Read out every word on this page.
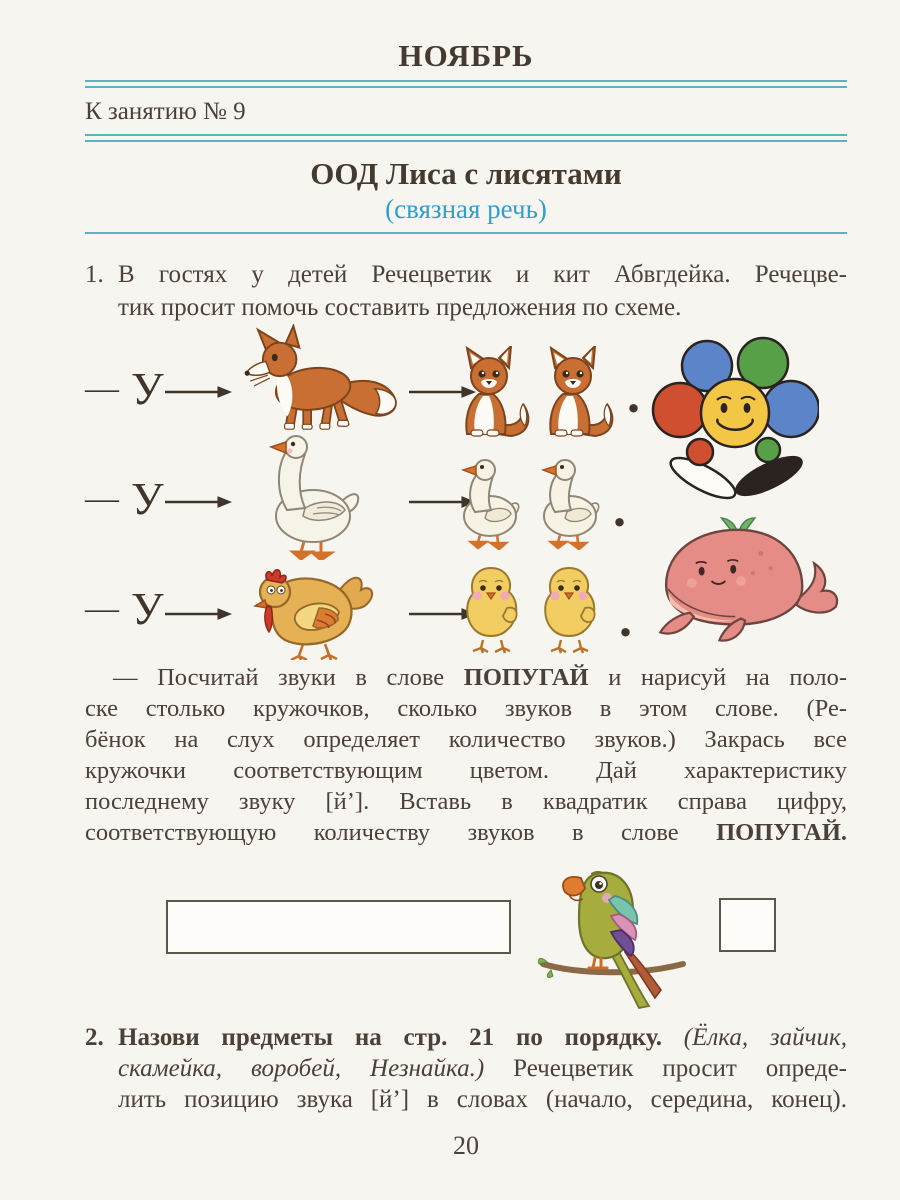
НОЯБРЬ
К занятию № 9
ООД Лиса с лисятами
(связная речь)
1. В гостях у детей Речецветик и кит Абвгдейка. Речецве-
тик просит помочь составить предложения по схеме.
— У	.
— У	.
— У	.
— Посчитай звуки в слове ПОПУГАЙ и нарисуй на поло-
ске столько кружочков, сколько звуков в этом слове. (Ре-
бёнок на слух определяет количество звуков.) Закрась все
кружочки соответствующим цветом. Дай характеристику
последнему звуку [й’]. Вставь в квадратик справа цифру,
соответствующую количеству звуков в слове ПОПУГАЙ.
2. Назови предметы на стр. 21 по порядку. (Ёлка, зайчик,
скамейка, воробей, Незнайка.) Речецветик просит опреде-
лить позицию звука [й’] в словах (начало, середина, конец).
20
